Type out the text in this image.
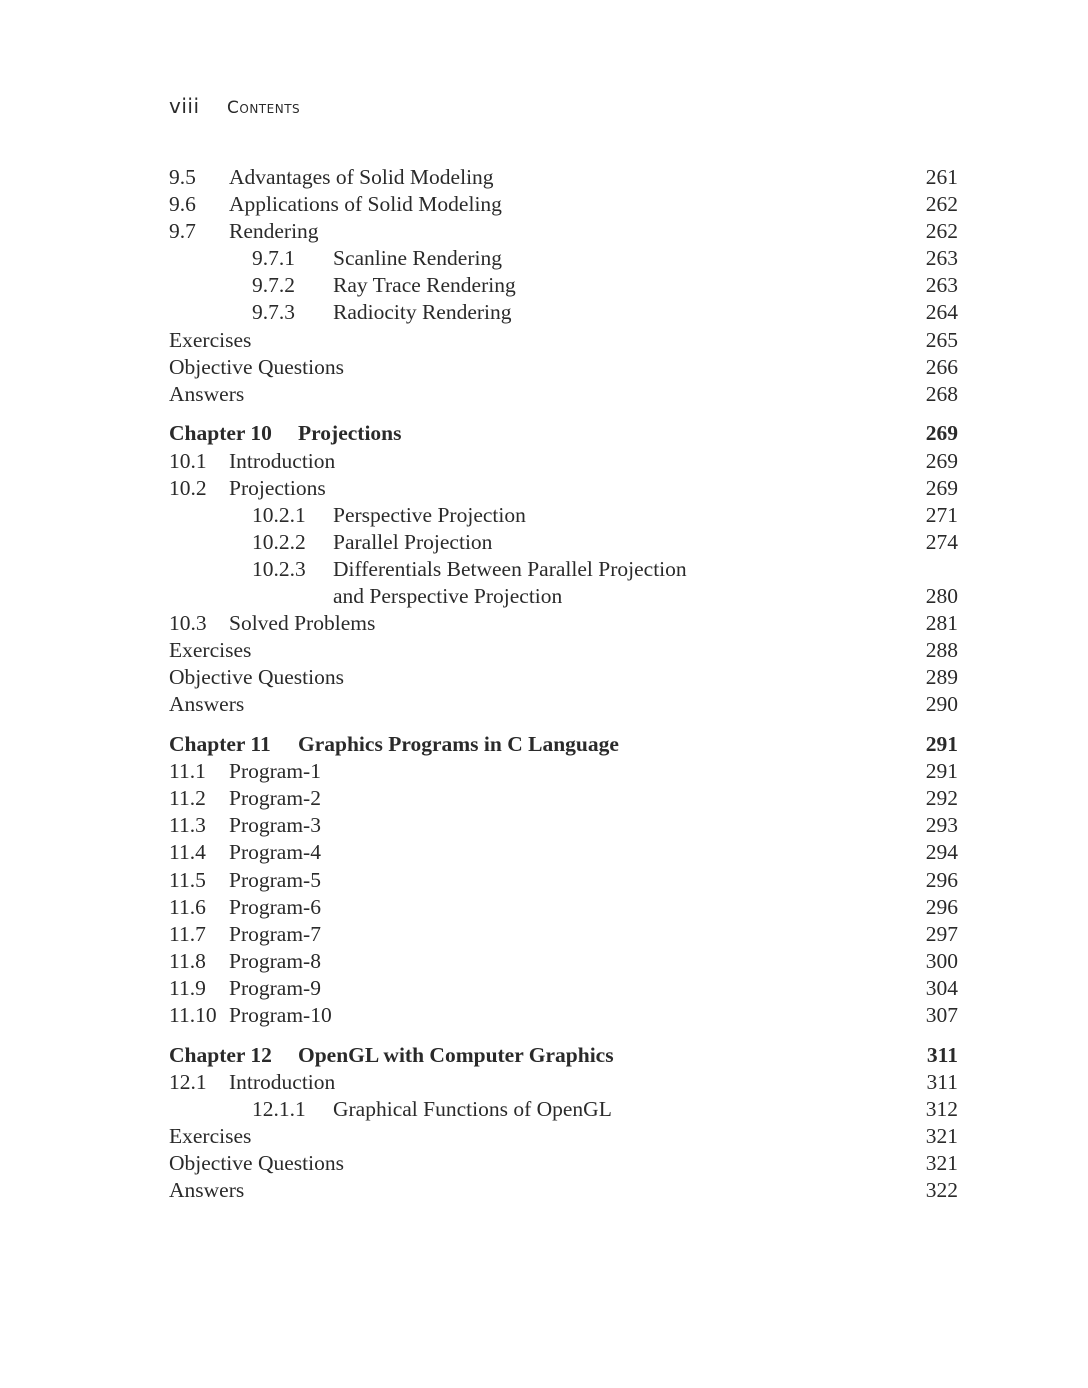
viii Contents
9.5 Advantages of Solid Modeling	261
9.6 Applications of Solid Modeling	262
9.7 Rendering	262
9.7.1 Scanline Rendering	263
9.7.2 Ray Trace Rendering	263
9.7.3 Radiocity Rendering	264
Exercises	265
Objective Questions	266
Answers	268
Chapter 10 Projections	269
10.1 Introduction	269
10.2 Projections	269
10.2.1 Perspective Projection	271
10.2.2 Parallel Projection	274
10.2.3 Differentials Between Parallel Projection
and Perspective Projection	280
10.3 Solved Problems	281
Exercises	288
Objective Questions	289
Answers	290
Chapter 11 Graphics Programs in C Language	291
11.1 Program-1	291
11.2 Program-2	292
11.3 Program-3	293
11.4 Program-4	294
11.5 Program-5	296
11.6 Program-6	296
11.7 Program-7	297
11.8 Program-8	300
11.9 Program-9	304
11.10 Program-10	307
Chapter 12 OpenGL with Computer Graphics	311
12.1 Introduction	311
12.1.1 Graphical Functions of OpenGL	312
Exercises	321
Objective Questions	321
Answers	322
